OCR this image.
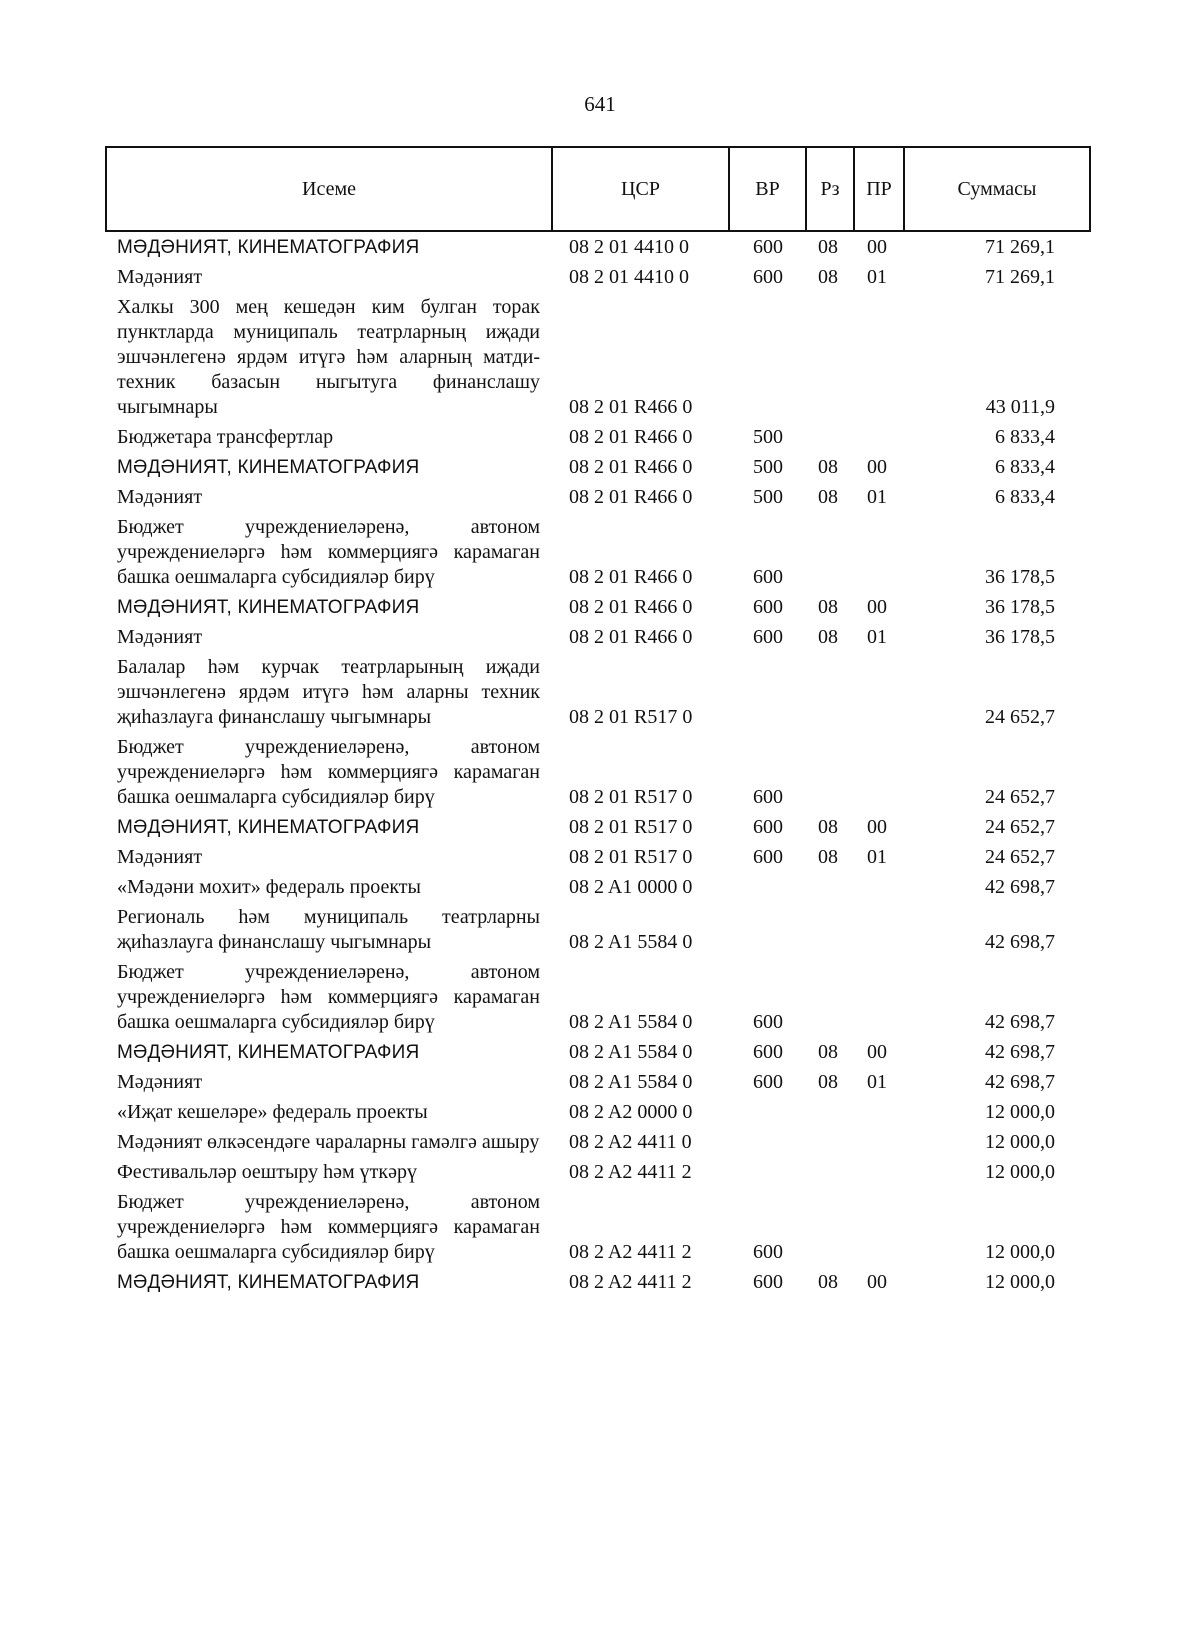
641
Исеме	ЦСР	ВР	Рз	ПР	Суммасы
МӘДӘНИЯТ, КИНЕМАТОГРАФИЯ	08 2 01 4410 0	600	08	00	71 269,1
Мәдәният	08 2 01 4410 0	600	08	01	71 269,1
Халкы 300 мең кешедән ким булган торак пунктларда муниципаль театрларның иҗади эшчәнлегенә ярдәм итүгә һәм аларның матди-техник базасын ныгытуга финанслашу чыгымнары	08 2 01 R466 0				43 011,9
Бюджетара трансфертлар	08 2 01 R466 0	500			6 833,4
МӘДӘНИЯТ, КИНЕМАТОГРАФИЯ	08 2 01 R466 0	500	08	00	6 833,4
Мәдәният	08 2 01 R466 0	500	08	01	6 833,4
Бюджет учреждениеләренә, автоном учреждениеләргә һәм коммерциягә карамаган башка оешмаларга субсидияләр бирү	08 2 01 R466 0	600			36 178,5
МӘДӘНИЯТ, КИНЕМАТОГРАФИЯ	08 2 01 R466 0	600	08	00	36 178,5
Мәдәният	08 2 01 R466 0	600	08	01	36 178,5
Балалар һәм курчак театрларының иҗади эшчәнлегенә ярдәм итүгә һәм аларны техник җиһазлауга финанслашу чыгымнары	08 2 01 R517 0				24 652,7
Бюджет учреждениеләренә, автоном учреждениеләргә һәм коммерциягә карамаган башка оешмаларга субсидияләр бирү	08 2 01 R517 0	600			24 652,7
МӘДӘНИЯТ, КИНЕМАТОГРАФИЯ	08 2 01 R517 0	600	08	00	24 652,7
Мәдәният	08 2 01 R517 0	600	08	01	24 652,7
«Мәдәни мохит» федераль проекты	08 2 A1 0000 0				42 698,7
Региональ һәм муниципаль театрларны җиһазлауга финанслашу чыгымнары	08 2 A1 5584 0				42 698,7
Бюджет учреждениеләренә, автоном учреждениеләргә һәм коммерциягә карамаган башка оешмаларга субсидияләр бирү	08 2 A1 5584 0	600			42 698,7
МӘДӘНИЯТ, КИНЕМАТОГРАФИЯ	08 2 A1 5584 0	600	08	00	42 698,7
Мәдәният	08 2 A1 5584 0	600	08	01	42 698,7
«Иҗат кешеләре» федераль проекты	08 2 A2 0000 0				12 000,0
Мәдәният өлкәсендәге чараларны гамәлгә ашыру	08 2 A2 4411 0				12 000,0
Фестивальләр оештыру һәм үткәрү	08 2 A2 4411 2				12 000,0
Бюджет учреждениеләренә, автоном учреждениеләргә һәм коммерциягә карамаган башка оешмаларга субсидияләр бирү	08 2 A2 4411 2	600			12 000,0
МӘДӘНИЯТ, КИНЕМАТОГРАФИЯ	08 2 A2 4411 2	600	08	00	12 000,0
